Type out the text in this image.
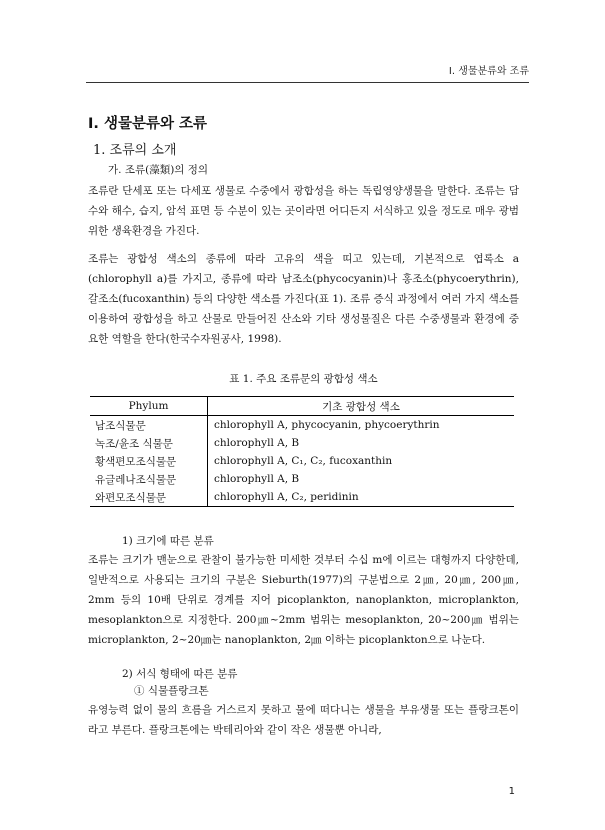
Ⅰ. 생물분류와 조류
Ⅰ. 생물분류와 조류
1. 조류의 소개
가. 조류(藻類)의 정의

조류란 단세포 또는 다세포 생물로 수중에서 광합성을 하는 독립영양생물을 말한다. 조류는 담수와 해수, 습지, 암석 표면 등 수분이 있는 곳이라면 어디든지 서식하고 있을 정도로 매우 광범위한 생육환경을 가진다.

조류는 광합성 색소의 종류에 따라 고유의 색을 띠고 있는데, 기본적으로 엽록소 a (chlorophyll a)를 가지고, 종류에 따라 남조소(phycocyanin)나 홍조소(phycoerythrin), 갈조소(fucoxanthin) 등의 다양한 색소를 가진다(표 1). 조류 증식 과정에서 여러 가지 색소를 이용하여 광합성을 하고 산물로 만들어진 산소와 기타 생성물질은 다른 수중생물과 환경에 중요한 역할을 한다(한국수자원공사, 1998).

표 1. 주요 조류문의 광합성 색소
Phylum	기초 광합성 색소
남조식물문	chlorophyll A, phycocyanin, phycoerythrin
녹조/윤조 식물문	chlorophyll A, B
황색편모조식물문	chlorophyll A, C₁, C₂, fucoxanthin
유글레나조식물문	chlorophyll A, B
와편모조식물문	chlorophyll A, C₂, peridinin
1) 크기에 따른 분류

조류는 크기가 맨눈으로 관찰이 불가능한 미세한 것부터 수십 m에 이르는 대형까지 다양한데, 일반적으로 사용되는 크기의 구분은 Sieburth(1977)의 구분법으로 2㎛, 20㎛, 200㎛, 2mm 등의 10배 단위로 경계를 지어 picoplankton, nanoplankton, microplankton, mesoplankton으로 지정한다. 200㎛~2mm 범위는 mesoplankton, 20~200㎛ 범위는 microplankton, 2~20㎛는 nanoplankton, 2㎛ 이하는 picoplankton으로 나눈다.

2) 서식 형태에 따른 분류
① 식물플랑크톤

유영능력 없이 물의 흐름을 거스르지 못하고 물에 떠다니는 생물을 부유생물 또는 플랑크톤이라고 부른다. 플랑크톤에는 박테리아와 같이 작은 생물뿐 아니라,

1
